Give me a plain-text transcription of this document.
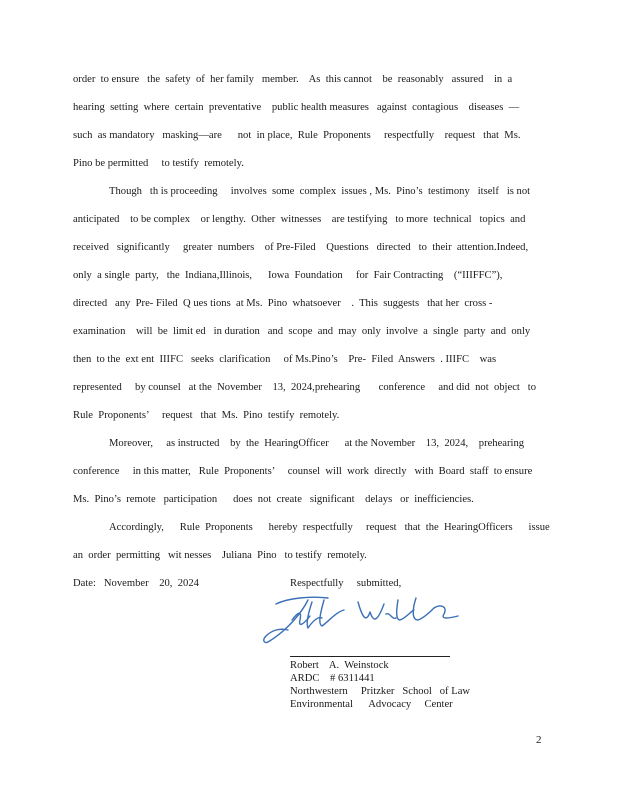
order  to ensure   the  safety  of  her family   member.    As  this cannot    be  reasonably   assured    in  a
hearing  setting  where  certain  preventative    public health measures   against  contagious    diseases  —
such  as mandatory   masking—are      not  in place,  Rule  Proponents     respectfully    request   that  Ms.
Pino be permitted     to testify  remotely.
Though   th is proceeding     involves  some  complex  issues , Ms.  Pino’s  testimony   itself   is not
anticipated    to be complex    or lengthy.  Other  witnesses    are testifying   to more  technical   topics  and
received   significantly     greater  numbers    of Pre-Filed    Questions   directed   to  their  attention.Indeed,
only  a single  party,   the  Indiana,Illinois,      Iowa  Foundation     for  Fair Contracting    (“IIIFFC”),
directed   any  Pre- Filed  Q ues tions  at Ms.  Pino  whatsoever    .  This  suggests   that her  cross -
examination    will  be  limit ed   in duration   and  scope  and  may  only  involve  a  single  party  and  only
then  to the  ext ent  IIIFC   seeks  clarification     of Ms.Pino’s    Pre-  Filed  Answers  . IIIFC    was
represented     by counsel   at the  November    13,  2024,prehearing       conference     and did  not  object   to
Rule  Proponents’     request   that  Ms.  Pino  testify  remotely.
Moreover,     as instructed    by  the  HearingOfficer      at the November    13,  2024,    prehearing
conference     in this matter,   Rule  Proponents’     counsel  will  work  directly   with  Board  staff  to ensure
Ms.  Pino’s  remote   participation      does  not  create   significant    delays   or  inefficiencies.
Accordingly,      Rule  Proponents      hereby  respectfully     request   that  the  HearingOfficers      issue
an  order  permitting   wit nesses    Juliana  Pino   to testify  remotely.
Date:   November    20,  2024	Respectfully     submitted,
Robert    A.  Weinstock
ARDC    # 6311441
Northwestern     Pritzker   School   of Law
Environmental      Advocacy     Center
2
